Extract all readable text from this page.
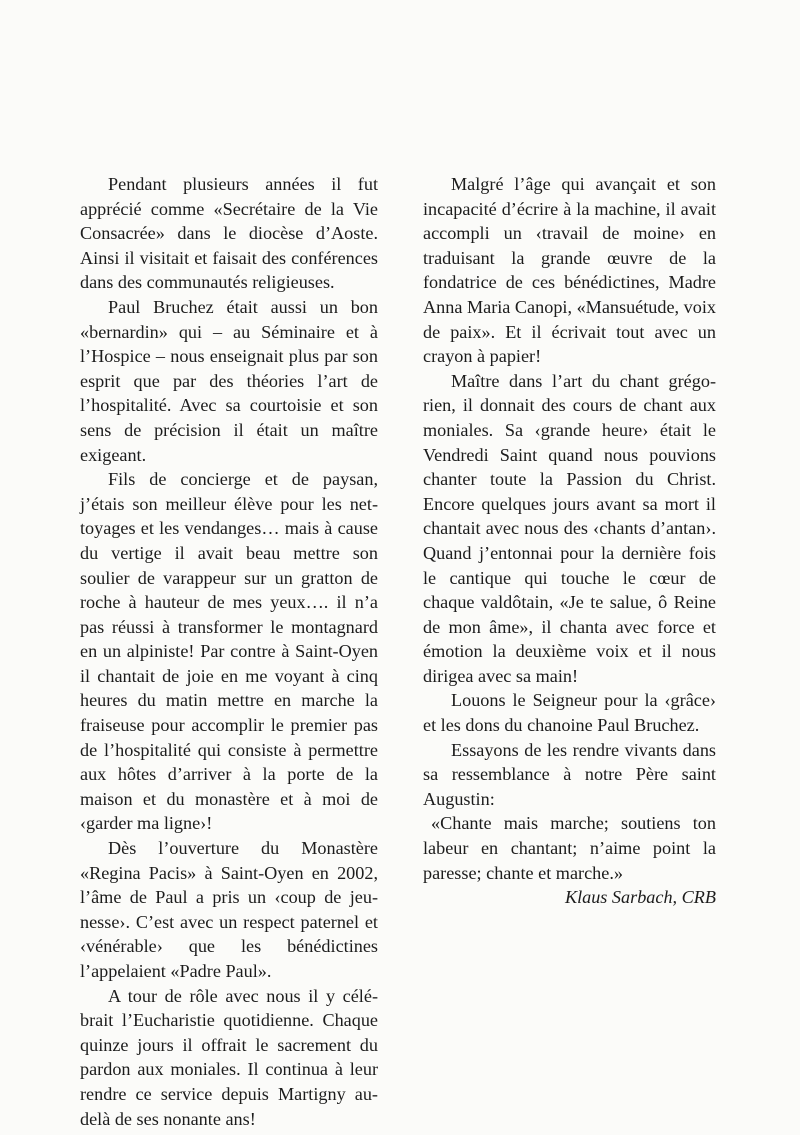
Pendant plusieurs années il fut apprécié comme «Secrétaire de la Vie Consacrée» dans le diocèse d’Aoste. Ainsi il visitait et faisait des conférences dans des communautés religieuses.

Paul Bruchez était aussi un bon «bernardin» qui – au Séminaire et à l’Hospice – nous enseignait plus par son esprit que par des théories l’art de l’hospitalité. Avec sa courtoisie et son sens de précision il était un maître exigeant.

Fils de concierge et de paysan, j’étais son meilleur élève pour les nettoyages et les vendanges… mais à cause du vertige il avait beau mettre son soulier de varappeur sur un gratton de roche à hauteur de mes yeux…. il n’a pas réussi à transformer le montagnard en un alpiniste! Par contre à Saint-Oyen il chantait de joie en me voyant à cinq heures du matin mettre en marche la fraiseuse pour accomplir le premier pas de l’hospitalité qui consiste à permettre aux hôtes d’arriver à la porte de la maison et du monastère et à moi de ‹garder ma ligne›!

Dès l’ouverture du Monastère «Regina Pacis» à Saint-Oyen en 2002, l’âme de Paul a pris un ‹coup de jeunesse›. C’est avec un respect paternel et ‹vénérable› que les bénédictines l’appelaient «Padre Paul».

A tour de rôle avec nous il y célébrait l’Eucharistie quotidienne. Chaque quinze jours il offrait le sacrement du pardon aux moniales. Il continua à leur rendre ce service depuis Martigny au-delà de ses nonante ans!

Malgré l’âge qui avançait et son incapacité d’écrire à la machine, il avait accompli un ‹travail de moine› en traduisant la grande œuvre de la fondatrice de ces bénédictines, Madre Anna Maria Canopi, «Mansuétude, voix de paix». Et il écrivait tout avec un crayon à papier!

Maître dans l’art du chant grégorien, il donnait des cours de chant aux moniales. Sa ‹grande heure› était le Vendredi Saint quand nous pouvions chanter toute la Passion du Christ. Encore quelques jours avant sa mort il chantait avec nous des ‹chants d’antan›. Quand j’entonnai pour la dernière fois le cantique qui touche le cœur de chaque valdôtain, «Je te salue, ô Reine de mon âme», il chanta avec force et émotion la deuxième voix et il nous dirigea avec sa main!

Louons le Seigneur pour la ‹grâce› et les dons du chanoine Paul Bruchez.

Essayons de les rendre vivants dans sa ressemblance à notre Père saint Augustin:

«Chante mais marche; soutiens ton labeur en chantant; n’aime point la paresse; chante et marche.»

Klaus Sarbach, CRB
